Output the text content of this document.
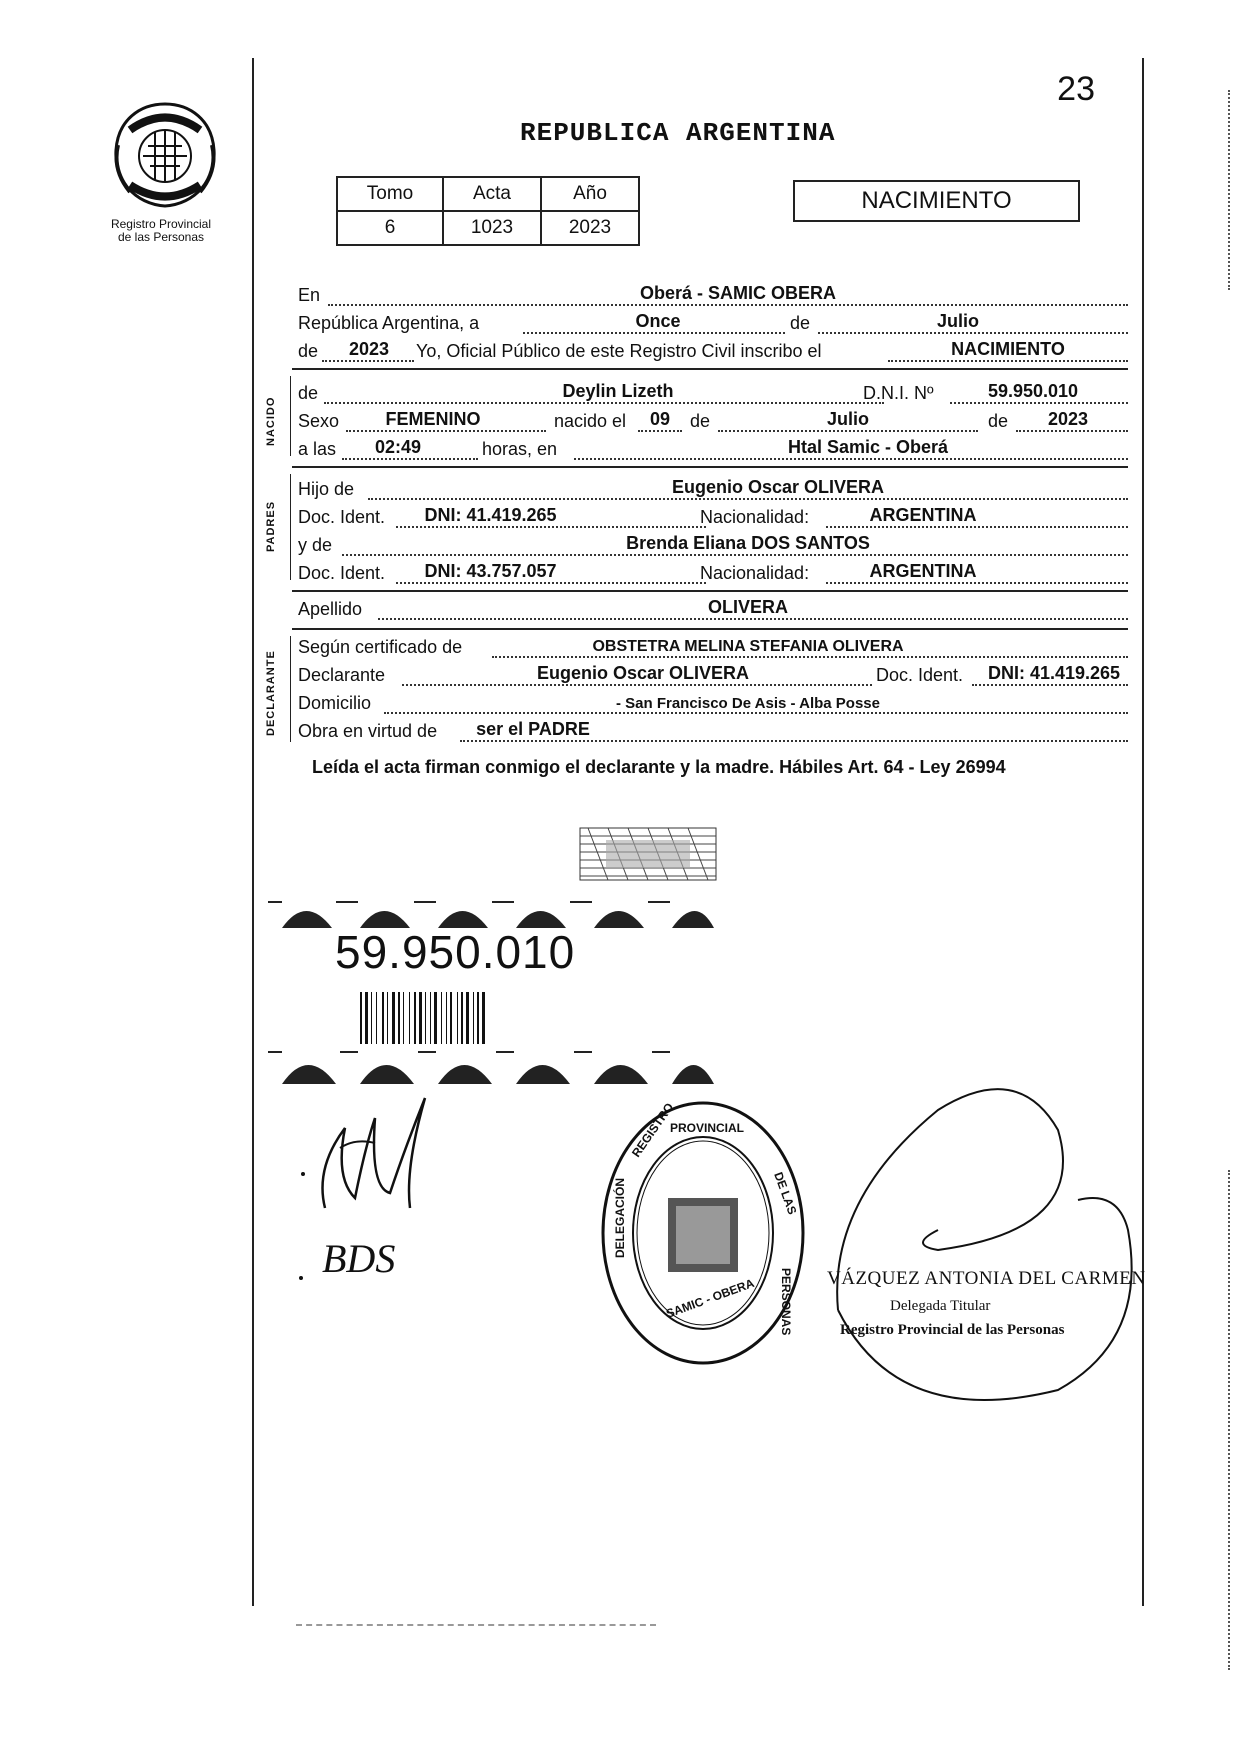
23
Registro Provincial
de las Personas
REPUBLICA ARGENTINA
Tomo	Acta	Año
6	1023	2023
NACIMIENTO
En	Oberá - SAMIC OBERA
República Argentina, a	Once	de	Julio
de	2023	Yo, Oficial Público de este Registro Civil inscribo el	NACIMIENTO
NACIDO
de	Deylin Lizeth	D.N.I. Nº	59.950.010
Sexo	FEMENINO	nacido el	09	de	Julio	de	2023
a las	02:49	horas, en	Htal Samic - Oberá
PADRES
Hijo de	Eugenio Oscar OLIVERA
Doc. Ident.	DNI: 41.419.265	Nacionalidad:	ARGENTINA
y de	Brenda Eliana DOS SANTOS
Doc. Ident.	DNI: 43.757.057	Nacionalidad:	ARGENTINA
Apellido	OLIVERA
DECLARANTE
Según certificado de	OBSTETRA MELINA STEFANIA OLIVERA
Declarante	Eugenio Oscar OLIVERA	Doc. Ident.	DNI: 41.419.265
Domicilio	- San Francisco De Asis - Alba Posse
Obra en virtud de	ser el PADRE
Leída el acta firman conmigo el declarante y la madre. Hábiles Art. 64 - Ley 26994
59.950.010
BDS
PROVINCIAL
REGISTRO
DE LAS
PERSONAS
DELEGACIÓN
SAMIC - OBERA	VÁZQUEZ ANTONIA DEL CARMEN
Delegada Titular
Registro Provincial de las Personas
